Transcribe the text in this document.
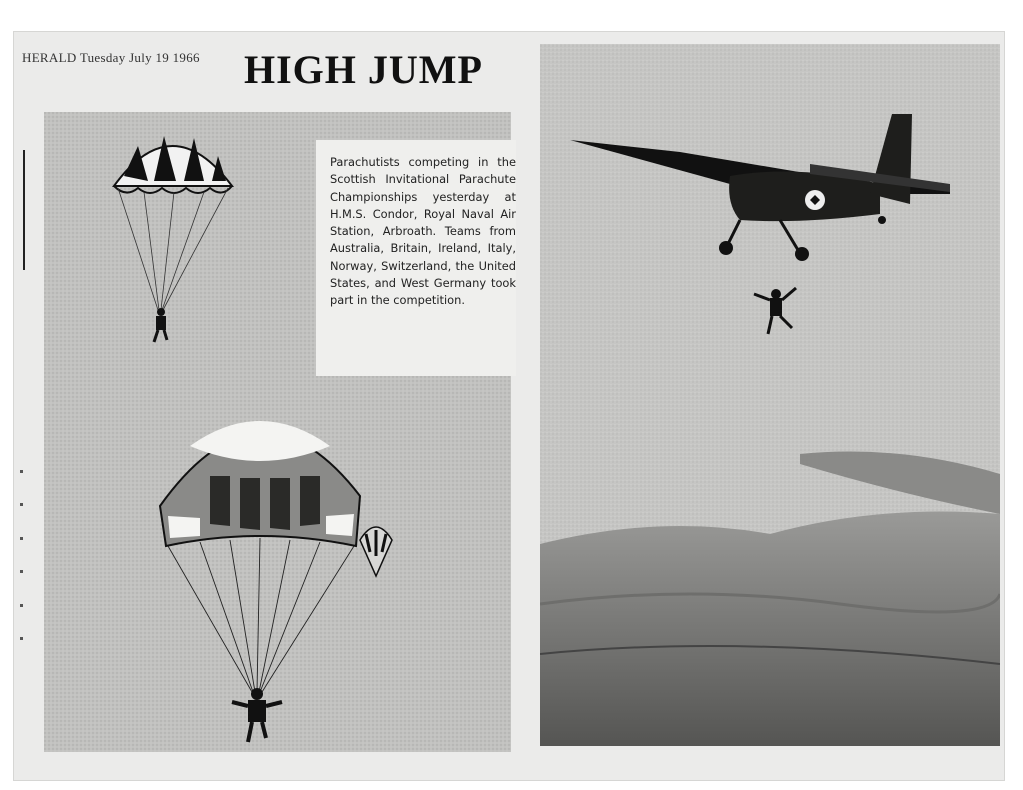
HERALD Tuesday July 19 1966 HIGH JUMP

Parachutists competing in the Scottish Invitational Parachute Championships yesterday at H.M.S. Condor, Royal Naval Air Station, Arbroath. Teams from Australia, Britain, Ireland, Italy, Norway, Switzerland, the United States, and West Germany took part in the competition.
